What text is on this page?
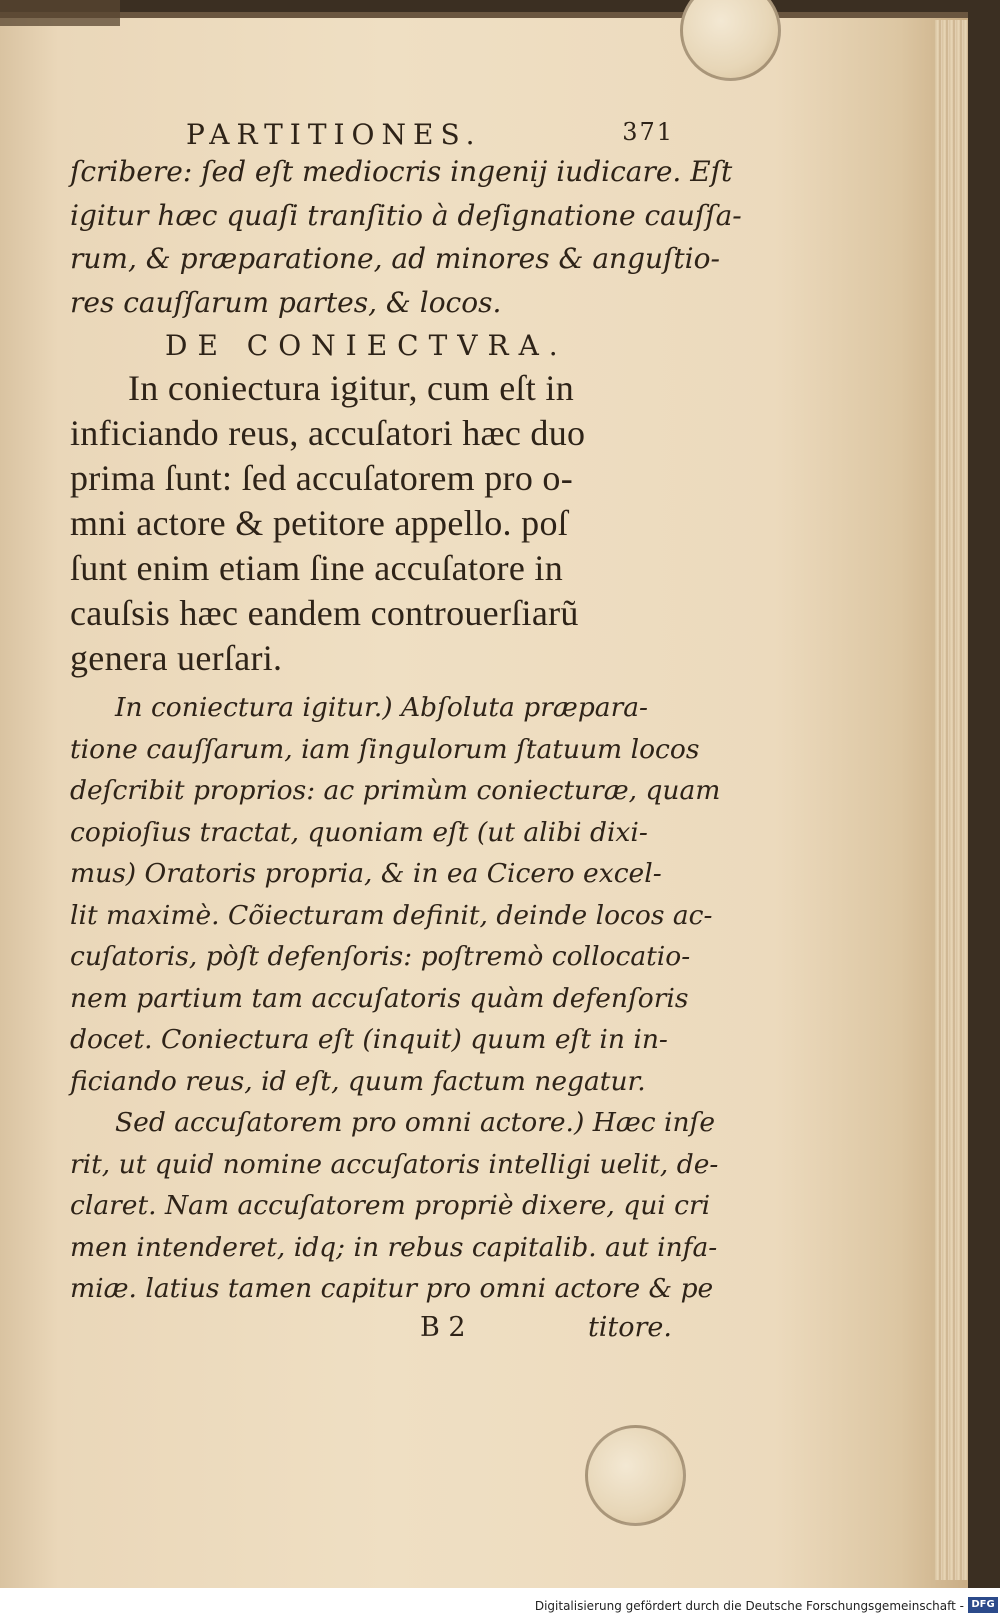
PARTITIONES.	371
ſcribere: ſed eſt mediocris ingenij iudicare. Eſt
igitur hæc quaſi tranſitio à deſignatione cauſſa-
rum, & præparatione, ad minores & anguſtio-
res cauſſarum partes, & locos.
DE CONIECTVRA.
In coniectura igitur, cum eſt in
inficiando reus, accuſatori hæc duo
prima ſunt: ſed accuſatorem pro o-
mni actore & petitore appello. poſ
ſunt enim etiam ſine accuſatore in
cauſsis hæc eandem controuerſiarũ
genera uerſari.
In coniectura igitur.) Abſoluta præpara-
tione cauſſarum, iam ſingulorum ſtatuum locos
deſcribit proprios: ac primùm coniecturæ, quam
copioſius tractat, quoniam eſt (ut alibi dixi-
mus) Oratoris propria, & in ea Cicero excel-
lit maximè. Cõiecturam definit, deinde locos ac-
cuſatoris, pòſt defenſoris: poſtremò collocatio-
nem partium tam accuſatoris quàm defenſoris
docet. Coniectura eſt (inquit) quum eſt in in-
ficiando reus, id eſt, quum factum negatur.
Sed accuſatorem pro omni actore.) Hæc inſe
rit, ut quid nomine accuſatoris intelligi uelit, de-
claret. Nam accuſatorem propriè dixere, qui cri
men intenderet, idq; in rebus capitalib. aut infa-
miæ. latius tamen capitur pro omni actore & pe
B 2	titore.
Digitalisierung gefördert durch die Deutsche Forschungsgemeinschaft - DFG
